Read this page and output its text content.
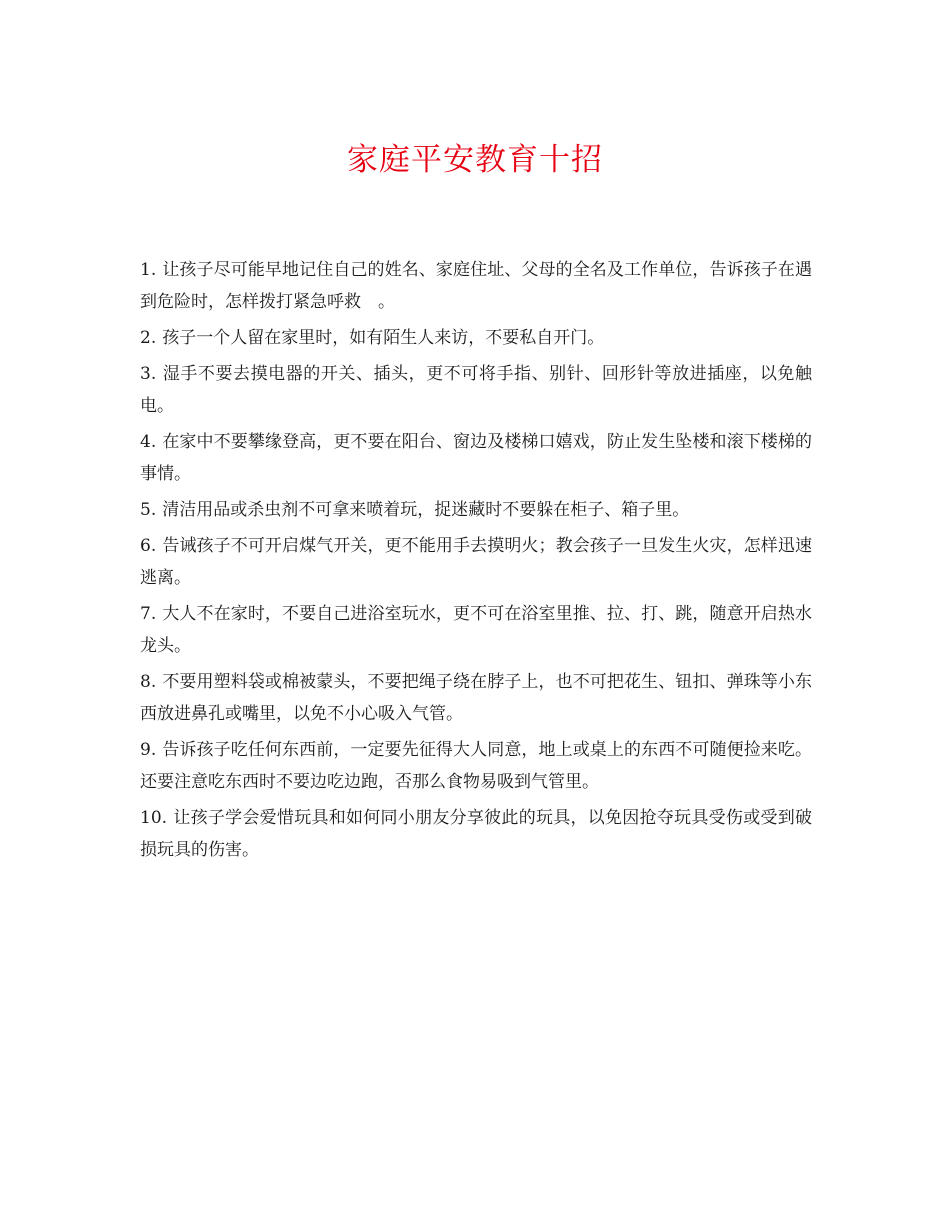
家庭平安教育十招
1. 让孩子尽可能早地记住自己的姓名、家庭住址、父母的全名及工作单位，告诉孩子在遇到危险时，怎样拨打紧急呼救　。
2. 孩子一个人留在家里时，如有陌生人来访，不要私自开门。
3. 湿手不要去摸电器的开关、插头，更不可将手指、别针、回形针等放进插座，以免触电。
4. 在家中不要攀缘登高，更不要在阳台、窗边及楼梯口嬉戏，防止发生坠楼和滚下楼梯的事情。
5. 清洁用品或杀虫剂不可拿来喷着玩，捉迷藏时不要躲在柜子、箱子里。
6. 告诫孩子不可开启煤气开关，更不能用手去摸明火；教会孩子一旦发生火灾，怎样迅速逃离。
7. 大人不在家时，不要自己进浴室玩水，更不可在浴室里推、拉、打、跳，随意开启热水龙头。
8. 不要用塑料袋或棉被蒙头，不要把绳子绕在脖子上，也不可把花生、钮扣、弹珠等小东西放进鼻孔或嘴里，以免不小心吸入气管。
9. 告诉孩子吃任何东西前，一定要先征得大人同意，地上或桌上的东西不可随便捡来吃。还要注意吃东西时不要边吃边跑，否那么食物易吸到气管里。
10. 让孩子学会爱惜玩具和如何同小朋友分享彼此的玩具，以免因抢夺玩具受伤或受到破损玩具的伤害。
